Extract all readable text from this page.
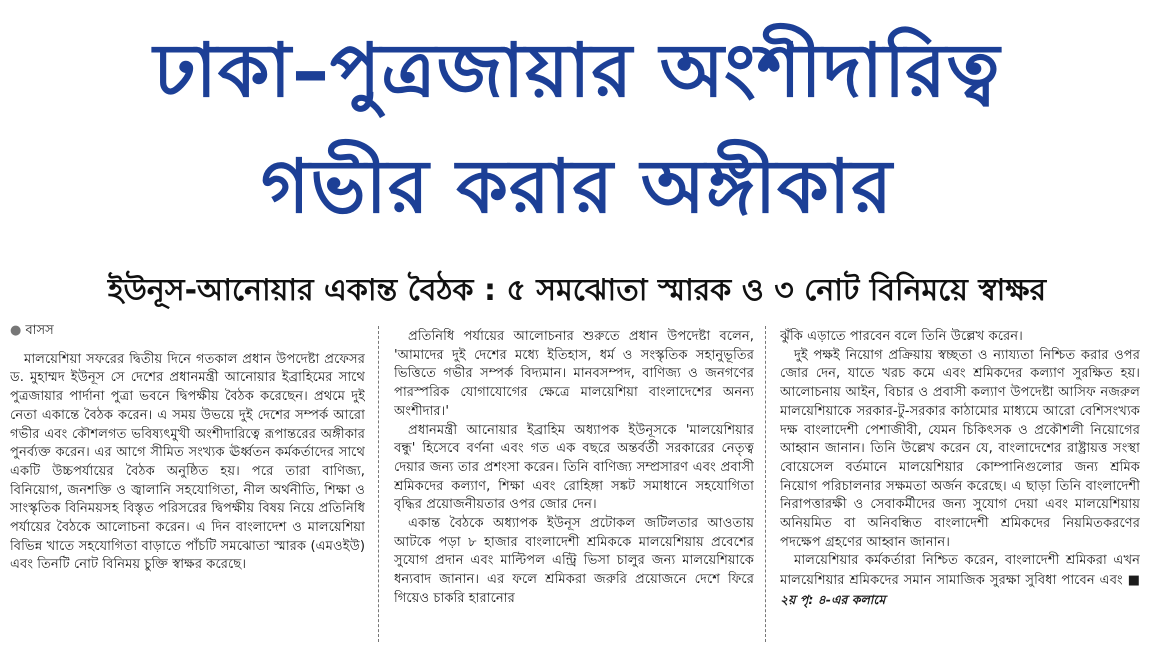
ঢাকা–পুত্রজায়ার অংশীদারিত্ব
গভীর করার অঙ্গীকার
ইউনূস-আনোয়ার একান্ত বৈঠক : ৫ সমঝোতা স্মারক ও ৩ নোট বিনিময়ে স্বাক্ষর
● বাসস
মালয়েশিয়া সফরের দ্বিতীয় দিনে গতকাল প্রধান উপদেষ্টা প্রফেসর ড. মুহাম্মদ ইউনূস সে দেশের প্রধানমন্ত্রী আনোয়ার ইব্রাহিমের সাথে পুত্রজায়ার পার্দানা পুত্রা ভবনে দ্বিপক্ষীয় বৈঠক করেছেন। প্রথমে দুই নেতা একান্তে বৈঠক করেন। এ সময় উভয়ে দুই দেশের সম্পর্ক আরো গভীর এবং কৌশলগত ভবিষ্যৎমুখী অংশীদারিত্বে রূপান্তরের অঙ্গীকার পুনর্ব্যক্ত করেন। এর আগে সীমিত সংখ্যক ঊর্ধ্বতন কর্মকর্তাদের সাথে একটি উচ্চপর্যায়ের বৈঠক অনুষ্ঠিত হয়। পরে তারা বাণিজ্য, বিনিয়োগ, জনশক্তি ও জ্বালানি সহযোগিতা, নীল অর্থনীতি, শিক্ষা ও সাংস্কৃতিক বিনিময়সহ বিস্তৃত পরিসরের দ্বিপক্ষীয় বিষয় নিয়ে প্রতিনিধি পর্যায়ের বৈঠকে আলোচনা করেন। এ দিন বাংলাদেশ ও মালয়েশিয়া বিভিন্ন খাতে সহযোগিতা বাড়াতে পাঁচটি সমঝোতা স্মারক (এমওইউ) এবং তিনটি নোট বিনিময় চুক্তি স্বাক্ষর করেছে।
প্রতিনিধি পর্যায়ের আলোচনার শুরুতে প্রধান উপদেষ্টা বলেন, 'আমাদের দুই দেশের মধ্যে ইতিহাস, ধর্ম ও সংস্কৃতিক সহানুভূতির ভিত্তিতে গভীর সম্পর্ক বিদ্যমান। মানবসম্পদ, বাণিজ্য ও জনগণের পারস্পরিক যোগাযোগের ক্ষেত্রে মালয়েশিয়া বাংলাদেশের অনন্য অংশীদার।'
প্রধানমন্ত্রী আনোয়ার ইব্রাহিম অধ্যাপক ইউনূসকে 'মালয়েশিয়ার বন্ধু' হিসেবে বর্ণনা এবং গত এক বছরে অন্তর্বর্তী সরকারের নেতৃত্ব দেয়ার জন্য তার প্রশংসা করেন। তিনি বাণিজ্য সম্প্রসারণ এবং প্রবাসী শ্রমিকদের কল্যাণ, শিক্ষা এবং রোহিঙ্গা সঙ্কট সমাধানে সহযোগিতা বৃদ্ধির প্রয়োজনীয়তার ওপর জোর দেন।
একান্ত বৈঠকে অধ্যাপক ইউনূস প্রটোকল জটিলতার আওতায় আটকে পড়া ৮ হাজার বাংলাদেশী শ্রমিককে মালয়েশিয়ায় প্রবেশের সুযোগ প্রদান এবং মাল্টিপল এন্ট্রি ভিসা চালুর জন্য মালয়েশিয়াকে ধন্যবাদ জানান। এর ফলে শ্রমিকরা জরুরি প্রয়োজনে দেশে ফিরে গিয়েও চাকরি হারানোর
ঝুঁকি এড়াতে পারবেন বলে তিনি উল্লেখ করেন।
দুই পক্ষই নিয়োগ প্রক্রিয়ায় স্বচ্ছতা ও ন্যায্যতা নিশ্চিত করার ওপর জোর দেন, যাতে খরচ কমে এবং শ্রমিকদের কল্যাণ সুরক্ষিত হয়। আলোচনায় আইন, বিচার ও প্রবাসী কল্যাণ উপদেষ্টা আসিফ নজরুল মালয়েশিয়াকে সরকার-টু-সরকার কাঠামোর মাধ্যমে আরো বেশিসংখ্যক দক্ষ বাংলাদেশী পেশাজীবী, যেমন চিকিৎসক ও প্রকৌশলী নিয়োগের আহ্বান জানান। তিনি উল্লেখ করেন যে, বাংলাদেশের রাষ্ট্রায়ত্ত সংস্থা বোয়েসেল বর্তমানে মালয়েশিয়ার কোম্পানিগুলোর জন্য শ্রমিক নিয়োগ পরিচালনার সক্ষমতা অর্জন করেছে। এ ছাড়া তিনি বাংলাদেশী নিরাপত্তারক্ষী ও সেবাকর্মীদের জন্য সুযোগ দেয়া এবং মালয়েশিয়ায় অনিয়মিত বা অনিবন্ধিত বাংলাদেশী শ্রমিকদের নিয়মিতকরণের পদক্ষেপ গ্রহণের আহ্বান জানান।
মালয়েশিয়ার কর্মকর্তারা নিশ্চিত করেন, বাংলাদেশী শ্রমিকরা এখন মালয়েশিয়ার শ্রমিকদের সমান সামাজিক সুরক্ষা সুবিধা পাবেন এবং ■ ২য় পৃ: ৪-এর কলামে
